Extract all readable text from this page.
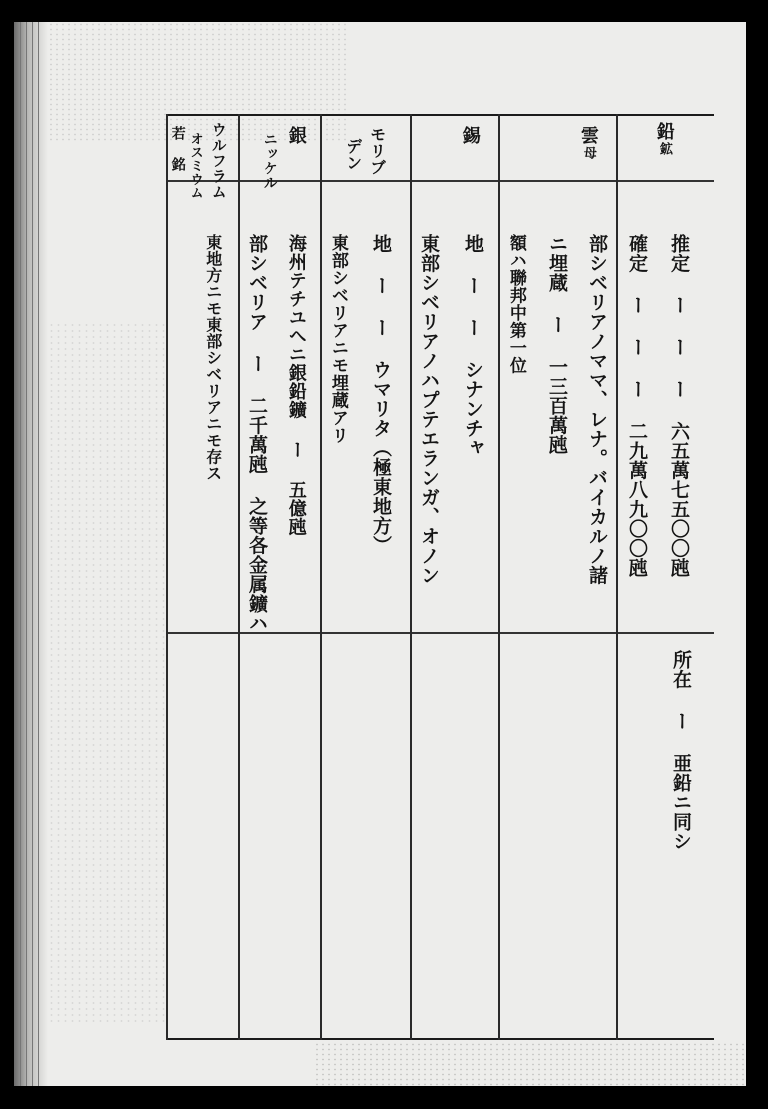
鉛鉱
推定 ー ー ー 六五萬七五〇〇瓲
確定 ー ー ー 二九萬八九〇〇瓲
所在 ー 亜鉛ニ同シ
雲母
部シベリアノママ、レナ。バイカルノ諸
ニ埋蔵 ー 一三百萬瓲
額ハ聯邦中第一位
錫
地 ー ー シナンチャ
東部シベリアノハプテエランガ、オノン
モリブ
デン
地 ー ー ウマリタ（極東地方）
東部シベリアニモ埋蔵アリ
銀
ニッケル
海州テチユへニ銀鉛鑛 ー 五億瓲
部シベリア ー 二千萬瓲 之等各金属鑛ハ
ウルフラム
オスミウム
若 銘
東地方ニモ東部シベリアニモ存ス
